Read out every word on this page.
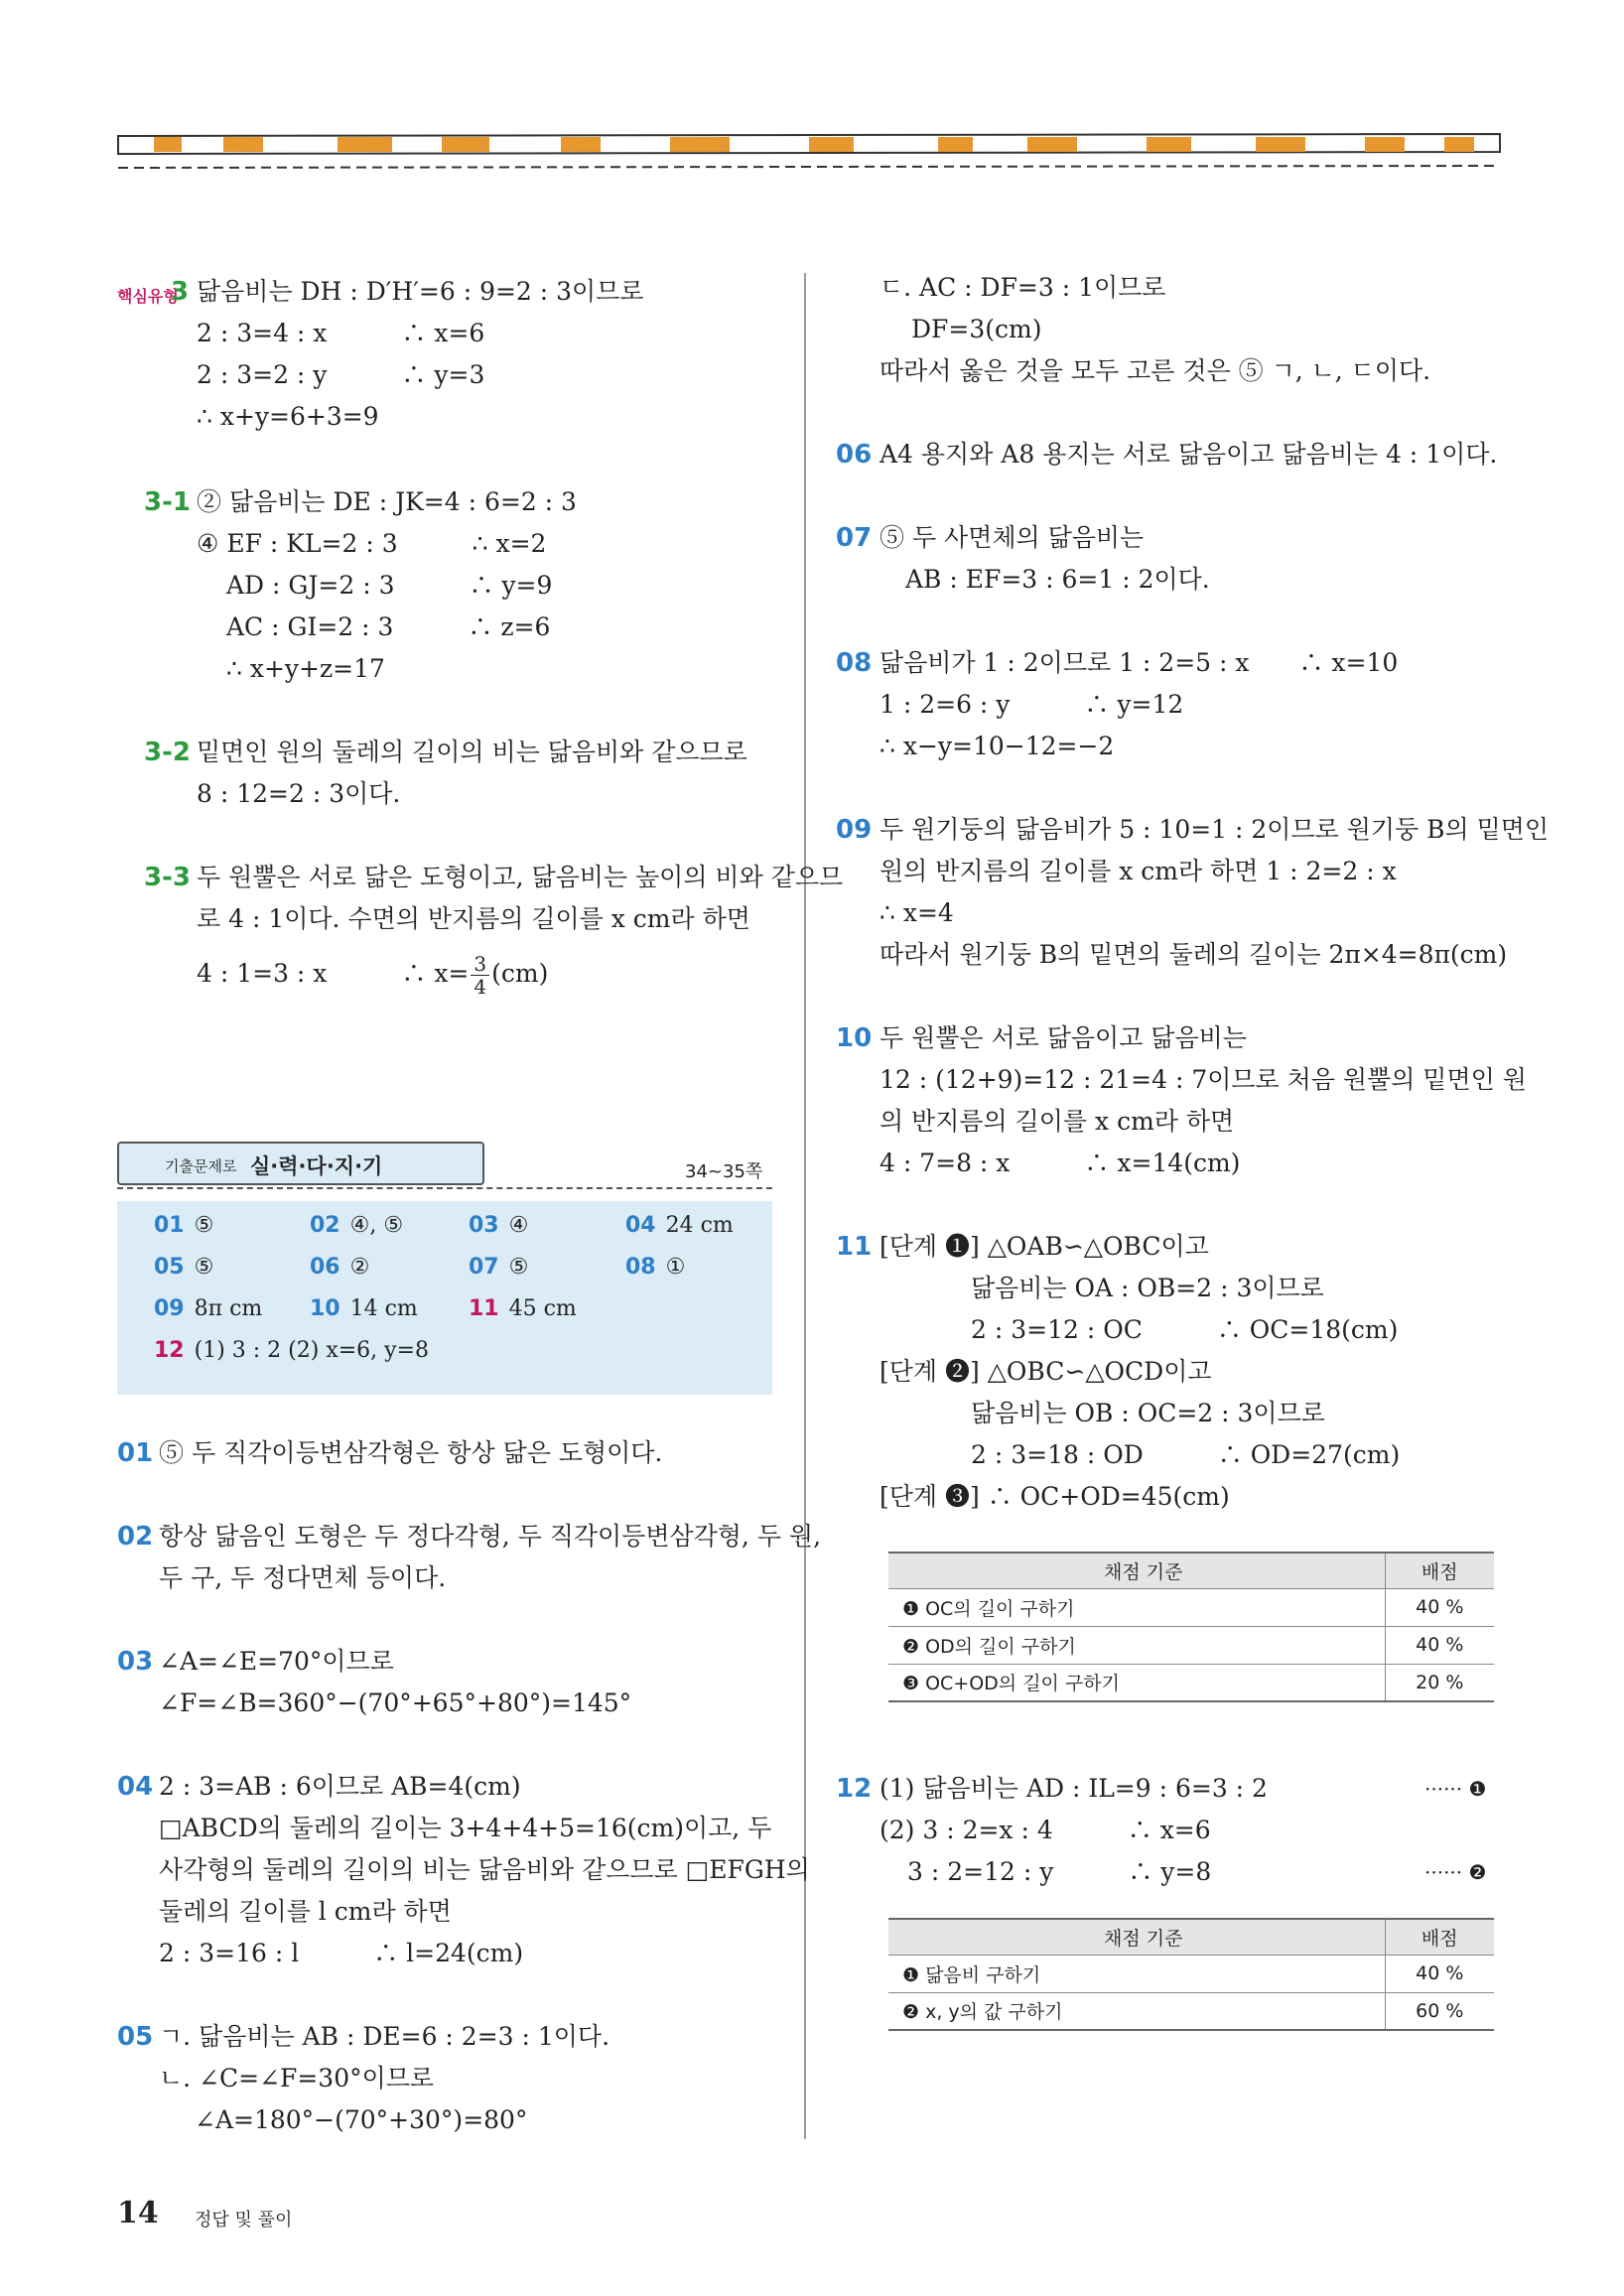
핵심유형
3 닮음비는 DH : D′H′=6 : 9=2 : 3이므로
2 : 3=4 : x　　　∴ x=6
2 : 3=2 : y　　　∴ y=3
∴ x+y=6+3=9
3-1 ② 닮음비는 DE : JK=4 : 6=2 : 3
④ EF : KL=2 : 3　　　∴ x=2
AD : GJ=2 : 3　　　∴ y=9
AC : GI=2 : 3　　　∴ z=6
∴ x+y+z=17
3-2 밑면인 원의 둘레의 길이의 비는 닮음비와 같으므로
8 : 12=2 : 3이다.
3-3 두 원뿔은 서로 닮은 도형이고, 닮음비는 높이의 비와 같으므
로 4 : 1이다. 수면의 반지름의 길이를 x cm라 하면
4 : 1=3 : x　　　∴ $x= \frac{3}{4} (cm)$
기출문제로 실·력·다·지·기	34~35쪽
01 ⑤	02 ④, ⑤	03 ④	04 24 cm
05 ⑤	06 ②	07 ⑤	08 ①
09 8π cm 10 14 cm 11 45 cm
12 (1) 3 : 2 (2) x=6, y=8
01 ⑤ 두 직각이등변삼각형은 항상 닮은 도형이다.
02 항상 닮음인 도형은 두 정다각형, 두 직각이등변삼각형, 두 원,
두 구, 두 정다면체 등이다.
03 ∠A=∠E=70°이므로
∠F=∠B=360°−(70°+65°+80°)=145°
04 2 : 3=AB : 6이므로 AB=4(cm)
□ABCD의 둘레의 길이는 3+4+4+5=16(cm)이고, 두
사각형의 둘레의 길이의 비는 닮음비와 같으므로 □EFGH의
둘레의 길이를 l cm라 하면
2 : 3=16 : l　　　∴ l=24(cm)
05 ㄱ. 닮음비는 AB : DE=6 : 2=3 : 1이다.
ㄴ. ∠C=∠F=30°이므로
∠A=180°−(70°+30°)=80°
ㄷ. AC : DF=3 : 1이므로
DF=3(cm)
따라서 옳은 것을 모두 고른 것은 ⑤ ㄱ, ㄴ, ㄷ이다.
06 A4 용지와 A8 용지는 서로 닮음이고 닮음비는 4 : 1이다.
07 ⑤ 두 사면체의 닮음비는
AB : EF=3 : 6=1 : 2이다.
08 닮음비가 1 : 2이므로 1 : 2=5 : x　　∴ x=10
1 : 2=6 : y　　　∴ y=12
∴ x−y=10−12=−2
09 두 원기둥의 닮음비가 5 : 10=1 : 2이므로 원기둥 B의 밑면인
원의 반지름의 길이를 x cm라 하면 1 : 2=2 : x
∴ x=4
따라서 원기둥 B의 밑면의 둘레의 길이는 2π×4=8π(cm)
10 두 원뿔은 서로 닮음이고 닮음비는
12 : (12+9)=12 : 21=4 : 7이므로 처음 원뿔의 밑면인 원
의 반지름의 길이를 x cm라 하면
4 : 7=8 : x　　　∴ x=14(cm)
11 [단계 ❶] △OAB∽△OBC이고
닮음비는 OA : OB=2 : 3이므로
2 : 3=12 : OC　　　∴ OC=18(cm)
[단계 ❷] △OBC∽△OCD이고
닮음비는 OB : OC=2 : 3이므로
2 : 3=18 : OD　　　∴ OD=27(cm)
[단계 ❸] ∴ OC+OD=45(cm)
채점 기준	배점
❶ OC의 길이 구하기	40 %
❷ OD의 길이 구하기	40 %
❸ OC+OD의 길이 구하기	20 %
12 (1) 닮음비는 AD : IL=9 : 6=3 : 2	······ ❶
(2) 3 : 2=x : 4　　　∴ x=6
3 : 2=12 : y　　　∴ y=8	······ ❷
채점 기준	배점
❶ 닮음비 구하기	40 %
❷ x, y의 값 구하기	60 %
14 정답 및 풀이
